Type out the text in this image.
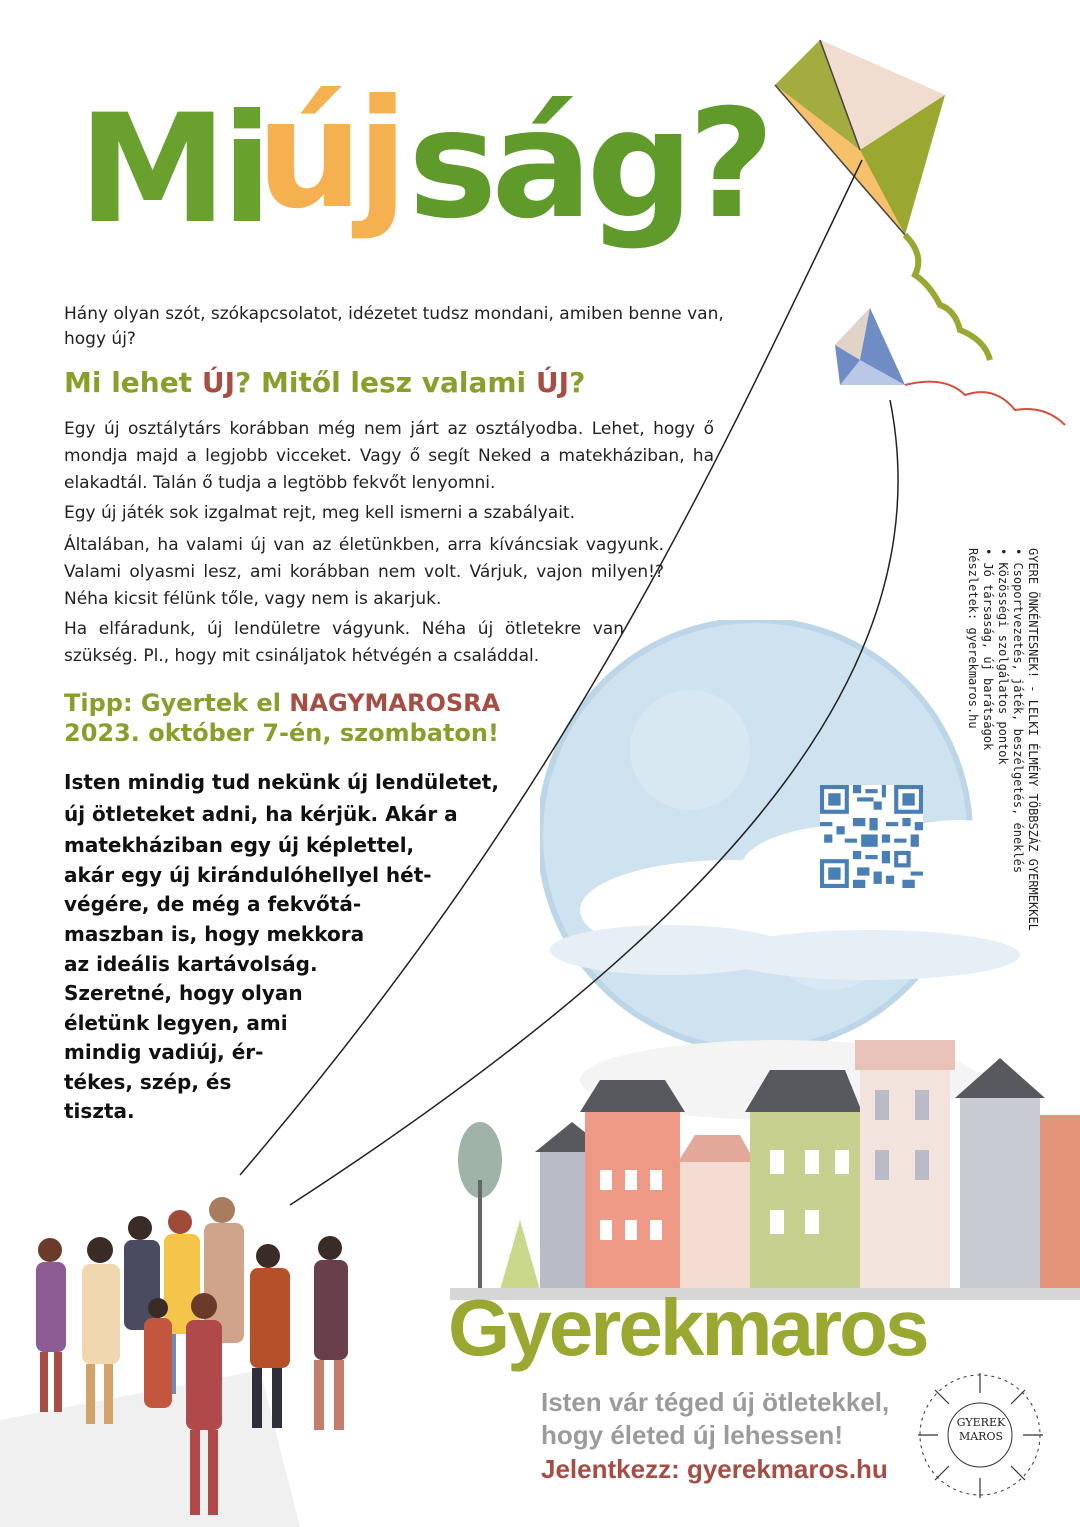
Mi
új ság?
Hány olyan szót, szókapcsolatot, idézetet tudsz mondani, amiben benne van, hogy új?
Mi lehet ÚJ? Mitől lesz valami ÚJ?
Egy új osztálytárs korábban még nem járt az osztályodba. Lehet, hogy ő mondja majd a legjobb vicceket. Vagy ő segít Neked a matekháziban, ha elakadtál. Talán ő tudja a legtöbb fekvőt lenyomni.
Egy új játék sok izgalmat rejt, meg kell ismerni a szabályait.
Általában, ha valami új van az életünkben, arra kíváncsiak vagyunk. Valami olyasmi lesz, ami korábban nem volt. Várjuk, vajon milyen!? Néha kicsit félünk tőle, vagy nem is akarjuk.
Ha elfáradunk, új lendületre vágyunk. Néha új ötletekre van szükség. Pl., hogy mit csináljatok hétvégén a családdal.
Tipp: Gyertek el NAGYMAROSRA
2023. október 7-én, szombaton!
Isten mindig tud nekünk új lendületet,
új ötleteket adni, ha kérjük. Akár a
matekháziban egy új képlettel,
akár egy új kirándulóhellyel hét-
végére, de még a fekvőtá-
maszban is, hogy mekkora
az ideális kartávolság.
Szeretné, hogy olyan
életünk legyen, ami
mindig vadiúj, ér-
tékes, szép, és
tiszta.
GYERE ÖNKÉNTESNEK! - LELKI ÉLMÉNY TÖBBSZÁZ GYERMEKKEL
• Csoportvezetés, játék, beszélgetés, éneklés
• Közösségi szolgálatos pontok
• Jó társaság, új barátságok
Részletek: gyerekmaros.hu
Gyerekmaros
Isten vár téged új ötletekkel,
hogy életed új lehessen!
Jelentkezz: gyerekmaros.hu
GYEREK MAROS
